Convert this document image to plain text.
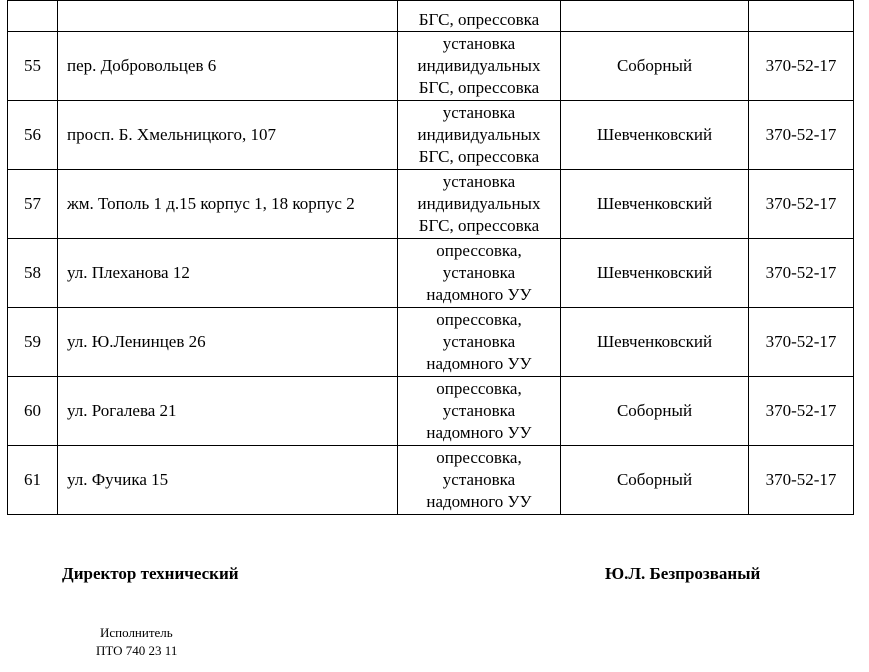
		БГС, опрессовка		
55	пер. Добровольцев 6	установка
индивидуальных
БГС, опрессовка	Соборный	370-52-17
56	просп. Б. Хмельницкого, 107	установка
индивидуальных
БГС, опрессовка	Шевченковский	370-52-17
57	жм. Тополь 1 д.15 корпус 1, 18 корпус 2	установка
индивидуальных
БГС, опрессовка	Шевченковский	370-52-17
58	ул. Плеханова 12	опрессовка,
установка
надомного УУ	Шевченковский	370-52-17
59	ул. Ю.Ленинцев 26	опрессовка,
установка
надомного УУ	Шевченковский	370-52-17
60	ул. Рогалева 21	опрессовка,
установка
надомного УУ	Соборный	370-52-17
61	ул. Фучика 15	опрессовка,
установка
надомного УУ	Соборный	370-52-17
Директор технический	Ю.Л. Безпрозваный
Исполнитель
ПТО 740 23 11
